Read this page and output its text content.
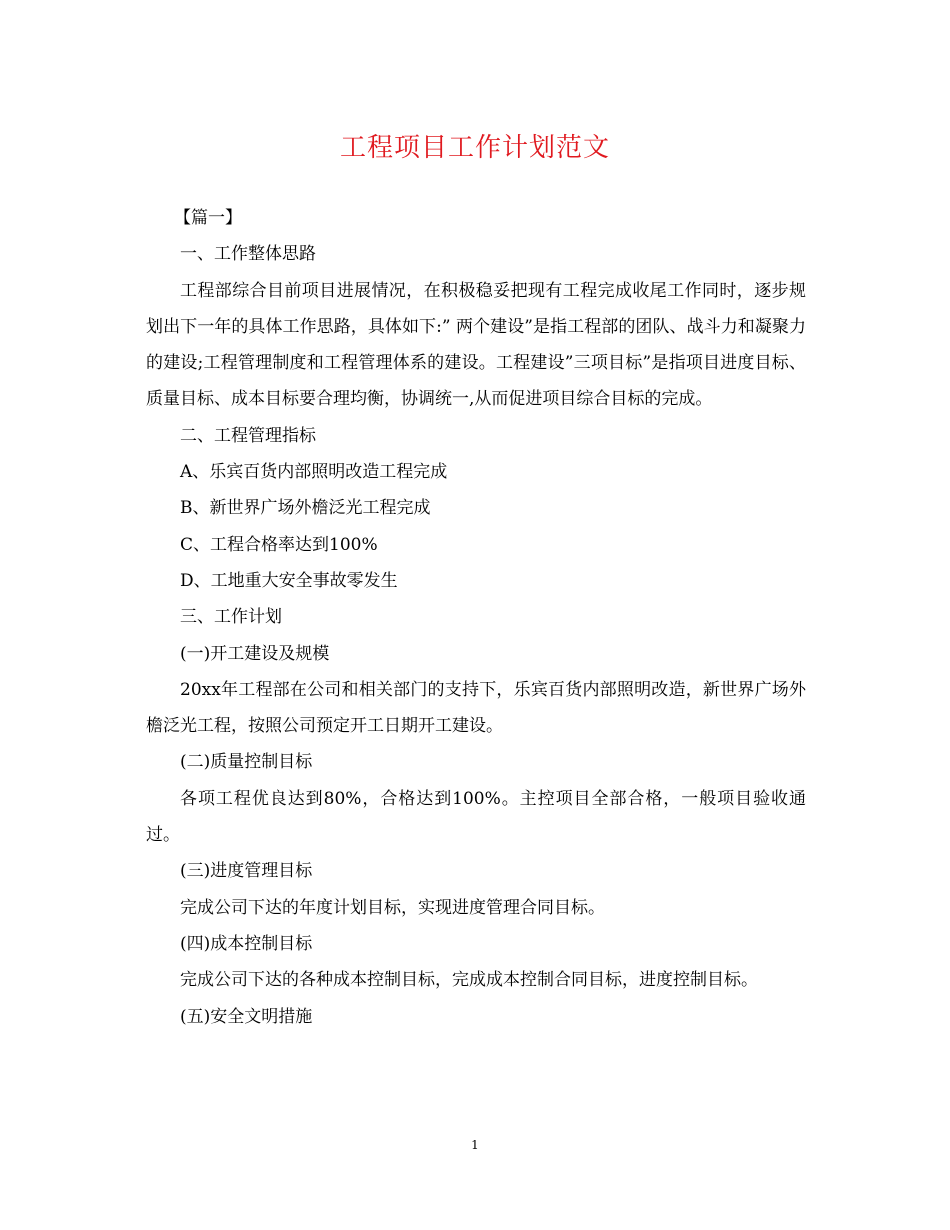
工程项目工作计划范文

【篇一】

一、工作整体思路

工程部综合目前项目进展情况，在积极稳妥把现有工程完成收尾工作同时，逐步规划出下一年的具体工作思路，具体如下:” 两个建设”是指工程部的团队、战斗力和凝聚力的建设;工程管理制度和工程管理体系的建设。工程建设”三项目标”是指项目进度目标、质量目标、成本目标要合理均衡，协调统一,从而促进项目综合目标的完成。

二、工程管理指标

A、乐宾百货内部照明改造工程完成

B、新世界广场外檐泛光工程完成

C、工程合格率达到100%

D、工地重大安全事故零发生

三、工作计划

(一)开工建设及规模

20xx年工程部在公司和相关部门的支持下，乐宾百货内部照明改造，新世界广场外檐泛光工程，按照公司预定开工日期开工建设。

(二)质量控制目标

各项工程优良达到80%，合格达到100%。主控项目全部合格，一般项目验收通过。

(三)进度管理目标

完成公司下达的年度计划目标，实现进度管理合同目标。

(四)成本控制目标

完成公司下达的各种成本控制目标，完成成本控制合同目标，进度控制目标。

(五)安全文明措施

1
